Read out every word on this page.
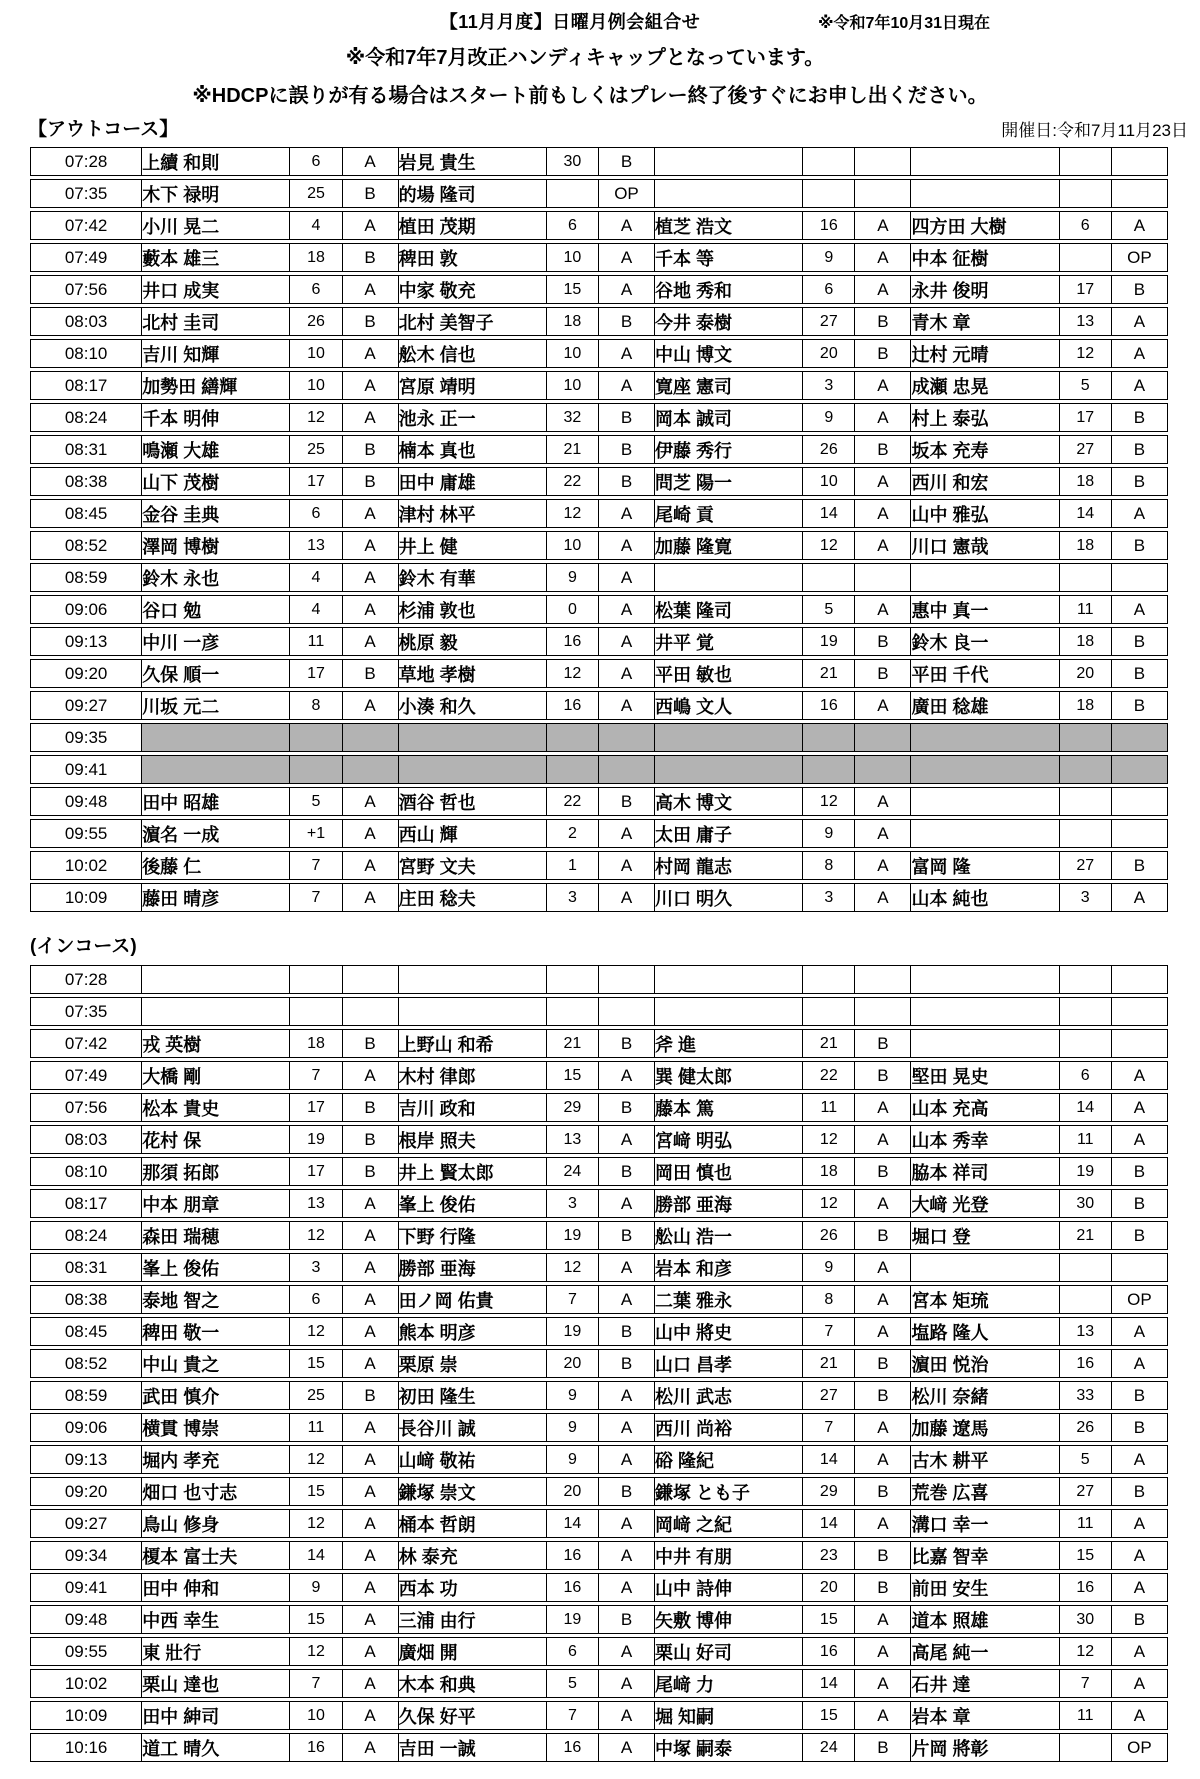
【11月月度】日曜月例会組合せ	※令和7年10月31日現在
※令和7年7月改正ハンディキャップとなっています。
※HDCPに誤りが有る場合はスタート前もしくはプレー終了後すぐにお申し出ください。
【アウトコース】	開催日:令和7月11月23日
07:28	上續 和則	6	A	岩見 貴生	30	B						
07:35	木下 禄明	25	B	的場 隆司		OP						
07:42	小川 晃二	4	A	植田 茂期	6	A	植芝 浩文	16	A	四方田 大樹	6	A
07:49	藪本 雄三	18	B	稗田 敦	10	A	千本 等	9	A	中本 征樹		OP
07:56	井口 成実	6	A	中家 敬充	15	A	谷地 秀和	6	A	永井 俊明	17	B
08:03	北村 圭司	26	B	北村 美智子	18	B	今井 泰樹	27	B	青木 章	13	A
08:10	吉川 知輝	10	A	舩木 信也	10	A	中山 博文	20	B	辻村 元晴	12	A
08:17	加勢田 繕輝	10	A	宮原 靖明	10	A	寛座 憲司	3	A	成瀬 忠晃	5	A
08:24	千本 明伸	12	A	池永 正一	32	B	岡本 誠司	9	A	村上 泰弘	17	B
08:31	鳴瀬 大雄	25	B	楠本 真也	21	B	伊藤 秀行	26	B	坂本 充寿	27	B
08:38	山下 茂樹	17	B	田中 庸雄	22	B	問芝 陽一	10	A	西川 和宏	18	B
08:45	金谷 圭典	6	A	津村 林平	12	A	尾崎 貢	14	A	山中 雅弘	14	A
08:52	澤岡 博樹	13	A	井上 健	10	A	加藤 隆寛	12	A	川口 憲哉	18	B
08:59	鈴木 永也	4	A	鈴木 有華	9	A						
09:06	谷口 勉	4	A	杉浦 敦也	0	A	松葉 隆司	5	A	惠中 真一	11	A
09:13	中川 一彦	11	A	桃原 毅	16	A	井平 覚	19	B	鈴木 良一	18	B
09:20	久保 順一	17	B	草地 孝樹	12	A	平田 敏也	21	B	平田 千代	20	B
09:27	川坂 元二	8	A	小湊 和久	16	A	西嶋 文人	16	A	廣田 稔雄	18	B
09:35												
09:41												
09:48	田中 昭雄	5	A	酒谷 哲也	22	B	高木 博文	12	A			
09:55	濵名 一成	+1	A	西山 輝	2	A	太田 庸子	9	A			
10:02	後藤 仁	7	A	宮野 文夫	1	A	村岡 龍志	8	A	富岡 隆	27	B
10:09	藤田 晴彦	7	A	庄田 稔夫	3	A	川口 明久	3	A	山本 純也	3	A
(インコース)
07:28												
07:35												
07:42	戎 英樹	18	B	上野山 和希	21	B	斧 進	21	B			
07:49	大橋 剛	7	A	木村 律郎	15	A	巽 健太郎	22	B	堅田 晃史	6	A
07:56	松本 貴史	17	B	吉川 政和	29	B	藤本 篤	11	A	山本 充高	14	A
08:03	花村 保	19	B	根岸 照夫	13	A	宮﨑 明弘	12	A	山本 秀幸	11	A
08:10	那須 拓郎	17	B	井上 賢太郎	24	B	岡田 慎也	18	B	脇本 祥司	19	B
08:17	中本 朋章	13	A	峯上 俊佑	3	A	勝部 亜海	12	A	大﨑 光登	30	B
08:24	森田 瑞穂	12	A	下野 行隆	19	B	舩山 浩一	26	B	堀口 登	21	B
08:31	峯上 俊佑	3	A	勝部 亜海	12	A	岩本 和彦	9	A			
08:38	泰地 智之	6	A	田ノ岡 佑貴	7	A	二葉 雅永	8	A	宮本 矩琉		OP
08:45	稗田 敬一	12	A	熊本 明彦	19	B	山中 將史	7	A	塩路 隆人	13	A
08:52	中山 貴之	15	A	栗原 崇	20	B	山口 昌孝	21	B	濵田 悦治	16	A
08:59	武田 慎介	25	B	初田 隆生	9	A	松川 武志	27	B	松川 奈緒	33	B
09:06	横貫 博崇	11	A	長谷川 誠	9	A	西川 尚裕	7	A	加藤 遼馬	26	B
09:13	堀内 孝充	12	A	山﨑 敬祐	9	A	硲 隆紀	14	A	古木 耕平	5	A
09:20	畑口 也寸志	15	A	鎌塚 崇文	20	B	鎌塚 とも子	29	B	荒巻 広喜	27	B
09:27	鳥山 修身	12	A	桶本 哲朗	14	A	岡﨑 之紀	14	A	溝口 幸一	11	A
09:34	榎本 富士夫	14	A	林 泰充	16	A	中井 有朋	23	B	比嘉 智幸	15	A
09:41	田中 伸和	9	A	西本 功	16	A	山中 詩伸	20	B	前田 安生	16	A
09:48	中西 幸生	15	A	三浦 由行	19	B	矢敷 博伸	15	A	道本 照雄	30	B
09:55	東 壯行	12	A	廣畑 開	6	A	栗山 好司	16	A	高尾 純一	12	A
10:02	栗山 達也	7	A	木本 和典	5	A	尾﨑 力	14	A	石井 達	7	A
10:09	田中 紳司	10	A	久保 好平	7	A	堀 知嗣	15	A	岩本 章	11	A
10:16	道工 晴久	16	A	吉田 一誠	16	A	中塚 嗣泰	24	B	片岡 將彰		OP
